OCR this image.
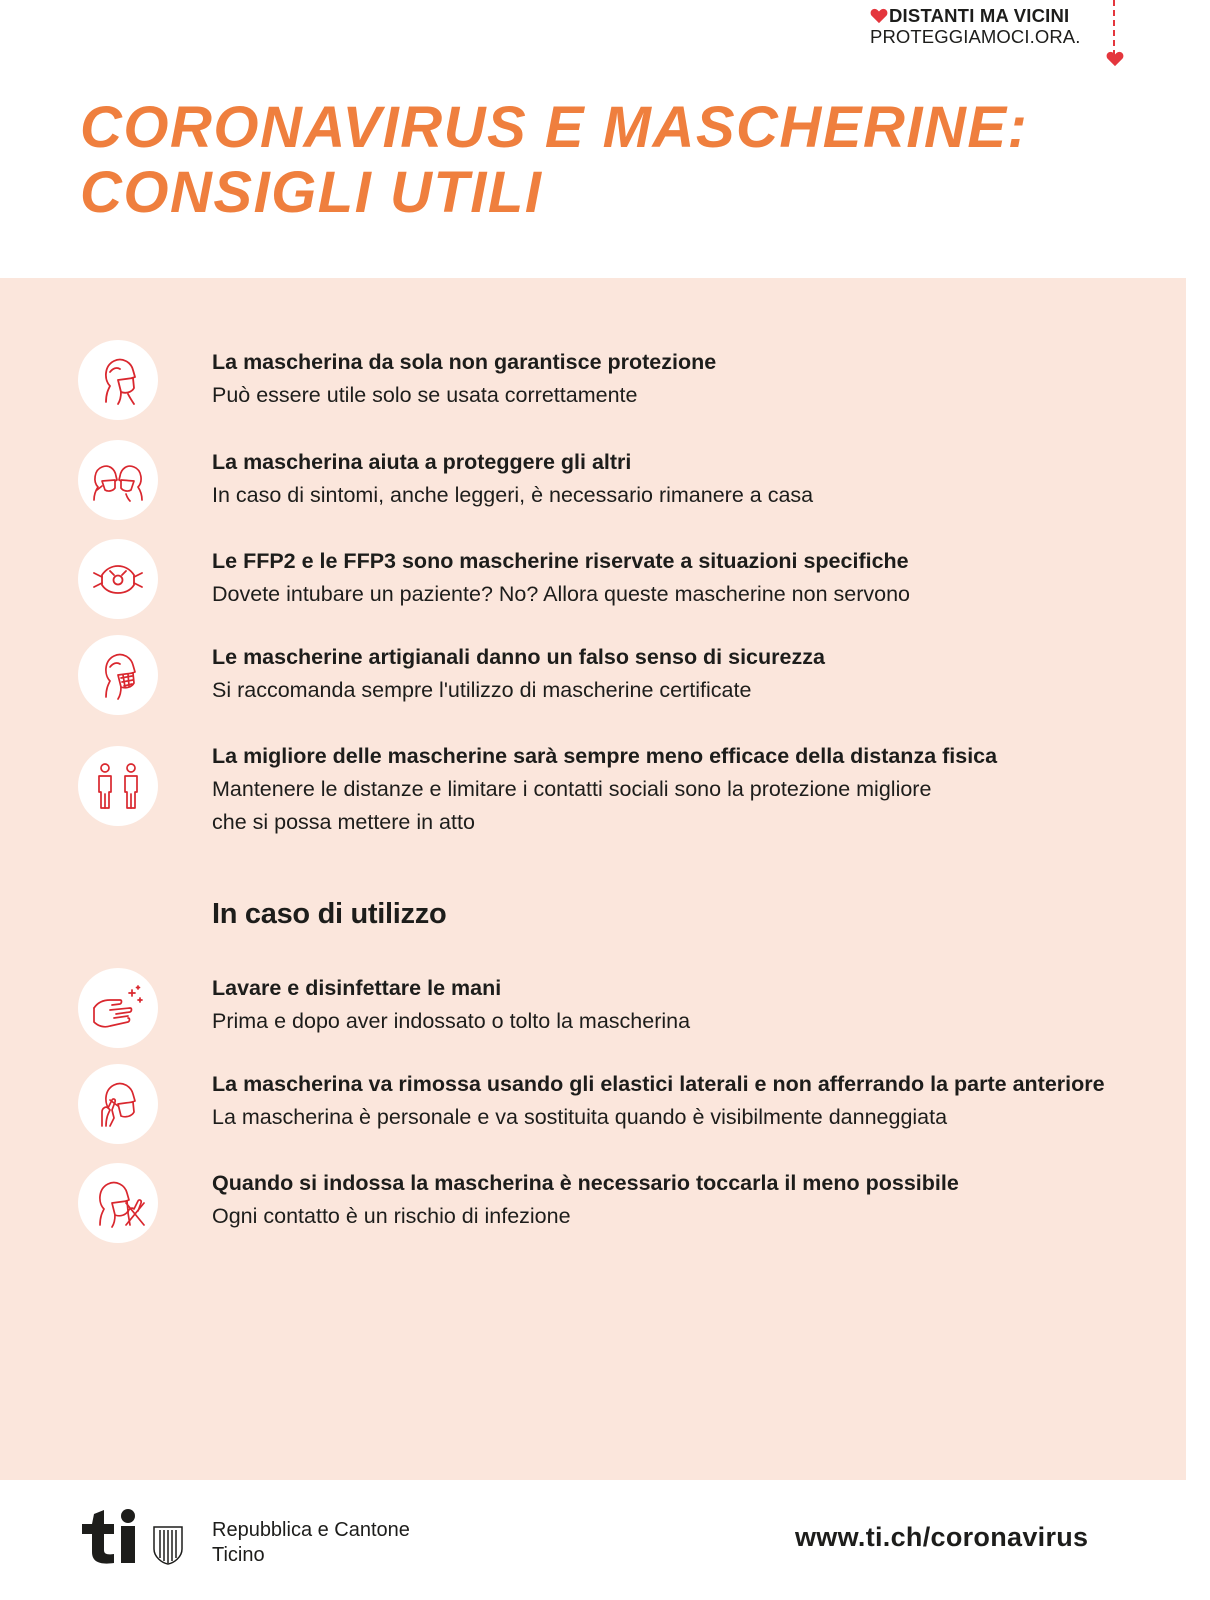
DISTANTI MA VICINI
PROTEGGIAMOCI.ORA.
CORONAVIRUS E MASCHERINE:
CONSIGLI UTILI
La mascherina da sola non garantisce protezione
Può essere utile solo se usata correttamente
La mascherina aiuta a proteggere gli altri
In caso di sintomi, anche leggeri, è necessario rimanere a casa
Le FFP2 e le FFP3 sono mascherine riservate a situazioni specifiche
Dovete intubare un paziente? No? Allora queste mascherine non servono
Le mascherine artigianali danno un falso senso di sicurezza
Si raccomanda sempre l'utilizzo di mascherine certificate
La migliore delle mascherine sarà sempre meno efficace della distanza fisica
Mantenere le distanze e limitare i contatti sociali sono la protezione migliore
che si possa mettere in atto
In caso di utilizzo
Lavare e disinfettare le mani
Prima e dopo aver indossato o tolto la mascherina
La mascherina va rimossa usando gli elastici laterali e non afferrando la parte anteriore
La mascherina è personale e va sostituita quando è visibilmente danneggiata
Quando si indossa la mascherina è necessario toccarla il meno possibile
Ogni contatto è un rischio di infezione
Repubblica e Cantone
Ticino
www.ti.ch/coronavirus
